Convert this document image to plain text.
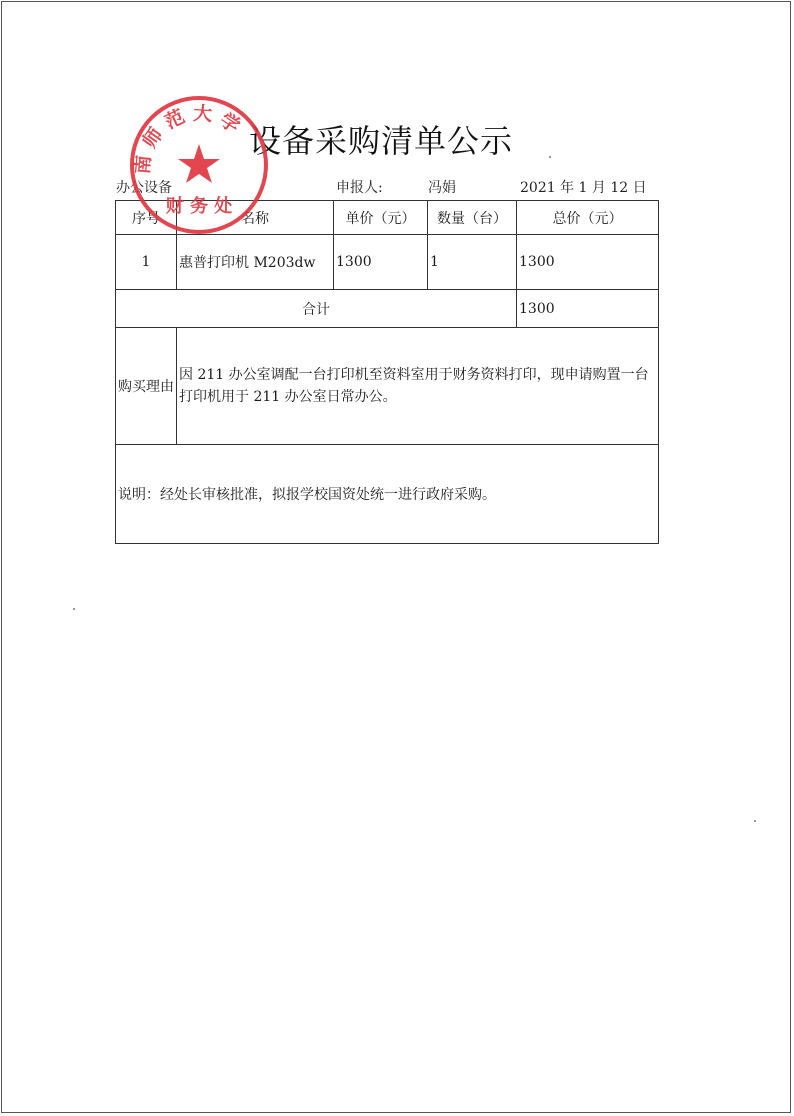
设备采购清单公示
办公设备	申报人:	冯娟	2021 年 1 月 12 日
序号	名称	单价（元）	数量（台）	总价（元）
1	惠普打印机 M203dw	1300	1	1300
合计				1300
购买理由	因 211 办公室调配一台打印机至资料室用于财务资料打印，现申请购置一台打印机用于 211 办公室日常办公。			
说明：经处长审核批准，拟报学校国资处统一进行政府采购。				
南 师 范 大 学
财 务 处
